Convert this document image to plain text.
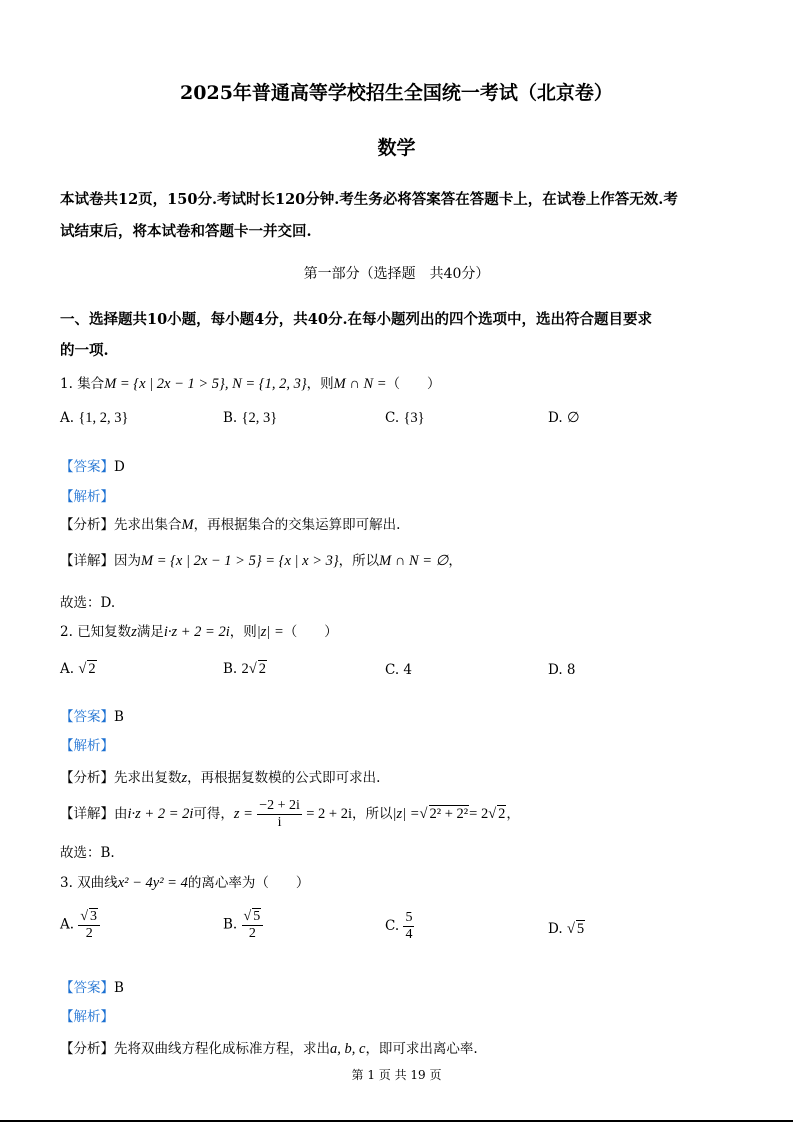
2025年普通高等学校招生全国统一考试（北京卷）
数学
本试卷共12页，150分.考试时长120分钟.考生务必将答案答在答题卡上，在试卷上作答无效.考
试结束后，将本试卷和答题卡一并交回.
第一部分（选择题　共40分）
一、选择题共10小题，每小题4分，共40分.在每小题列出的四个选项中，选出符合题目要求
的一项.
1. 集合M = {x | 2x − 1 > 5}, N = {1, 2, 3}，则M ∩ N =（　　）
A. {1, 2, 3}	B. {2, 3}	C. {3}	D. ∅
【答案】D
【解析】
【分析】先求出集合M，再根据集合的交集运算即可解出.
【详解】因为M = {x | 2x − 1 > 5} = {x | x > 3}，所以M ∩ N = ∅，
故选：D.
2. 已知复数z满足i·z + 2 = 2i，则|z| =（　　）
A. √ 2	B. 2√ 2	C. 4	D. 8
【答案】B
【解析】
【分析】先求出复数z，再根据复数模的公式即可求出.
【详解】由i·z + 2 = 2i可得，$z = \frac{-2 + 2i}{i} = 2 + 2i$，所以|z| =√ 2² + 2²= 2√ 2，
故选：B.
3. 双曲线x² − 4y² = 4的离心率为（　　）
A. $\frac{√ 3}{2}$	B. $\frac{√ 5}{2}$	C. $\frac{5}{4}$	D. √ 5
【答案】B
【解析】
【分析】先将双曲线方程化成标准方程，求出a, b, c，即可求出离心率.
第 1 页 共 19 页
